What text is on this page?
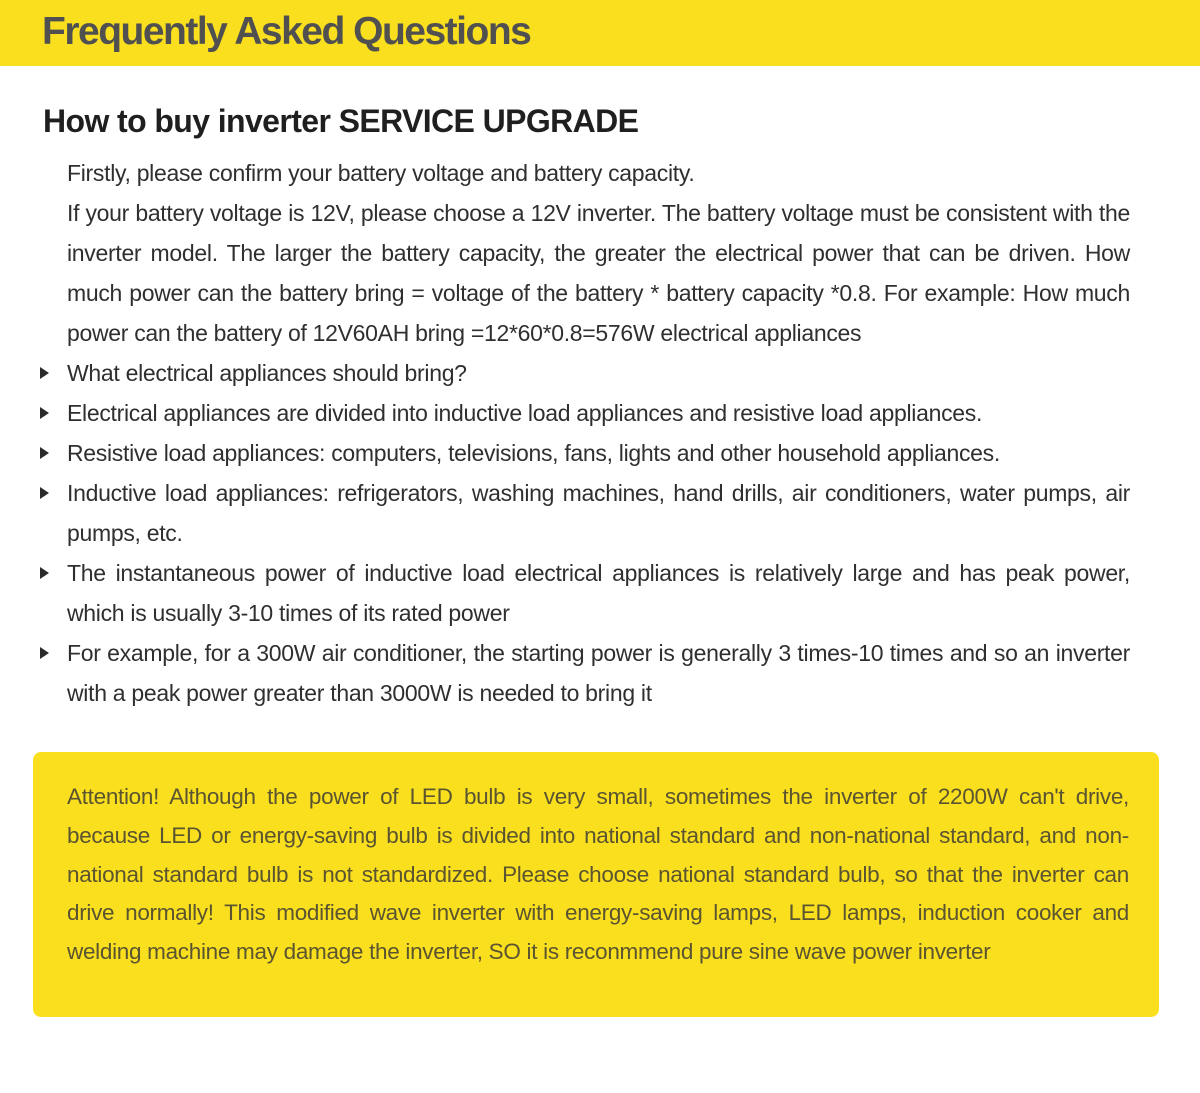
Frequently Asked Questions
How to buy inverter SERVICE UPGRADE

Firstly, please confirm your battery voltage and battery capacity.

If your battery voltage is 12V, please choose a 12V inverter. The battery voltage must be consistent with the inverter model. The larger the battery capacity, the greater the electrical power that can be driven. How much power can the battery bring = voltage of the battery * battery capacity *0.8. For example: How much power can the battery of 12V60AH bring =12*60*0.8=576W electrical appliances

What electrical appliances should bring?
Electrical appliances are divided into inductive load appliances and resistive load appliances.
Resistive load appliances: computers, televisions, fans, lights and other household appliances.
Inductive load appliances: refrigerators, washing machines, hand drills, air conditioners, water pumps, air pumps, etc.
The instantaneous power of inductive load electrical appliances is relatively large and has peak power, which is usually 3-10 times of its rated power
For example, for a 300W air conditioner, the starting power is generally 3 times-10 times and so an inverter with a peak power greater than 3000W is needed to bring it

Attention! Although the power of LED bulb is very small, sometimes the inverter of 2200W can't drive, because LED or energy-saving bulb is divided into national standard and non-national standard, and non-national standard bulb is not standardized. Please choose national standard bulb, so that the inverter can drive normally! This modified wave inverter with energy-saving lamps, LED lamps, induction cooker and welding machine may damage the inverter, SO it is reconmmend pure sine wave power inverter
